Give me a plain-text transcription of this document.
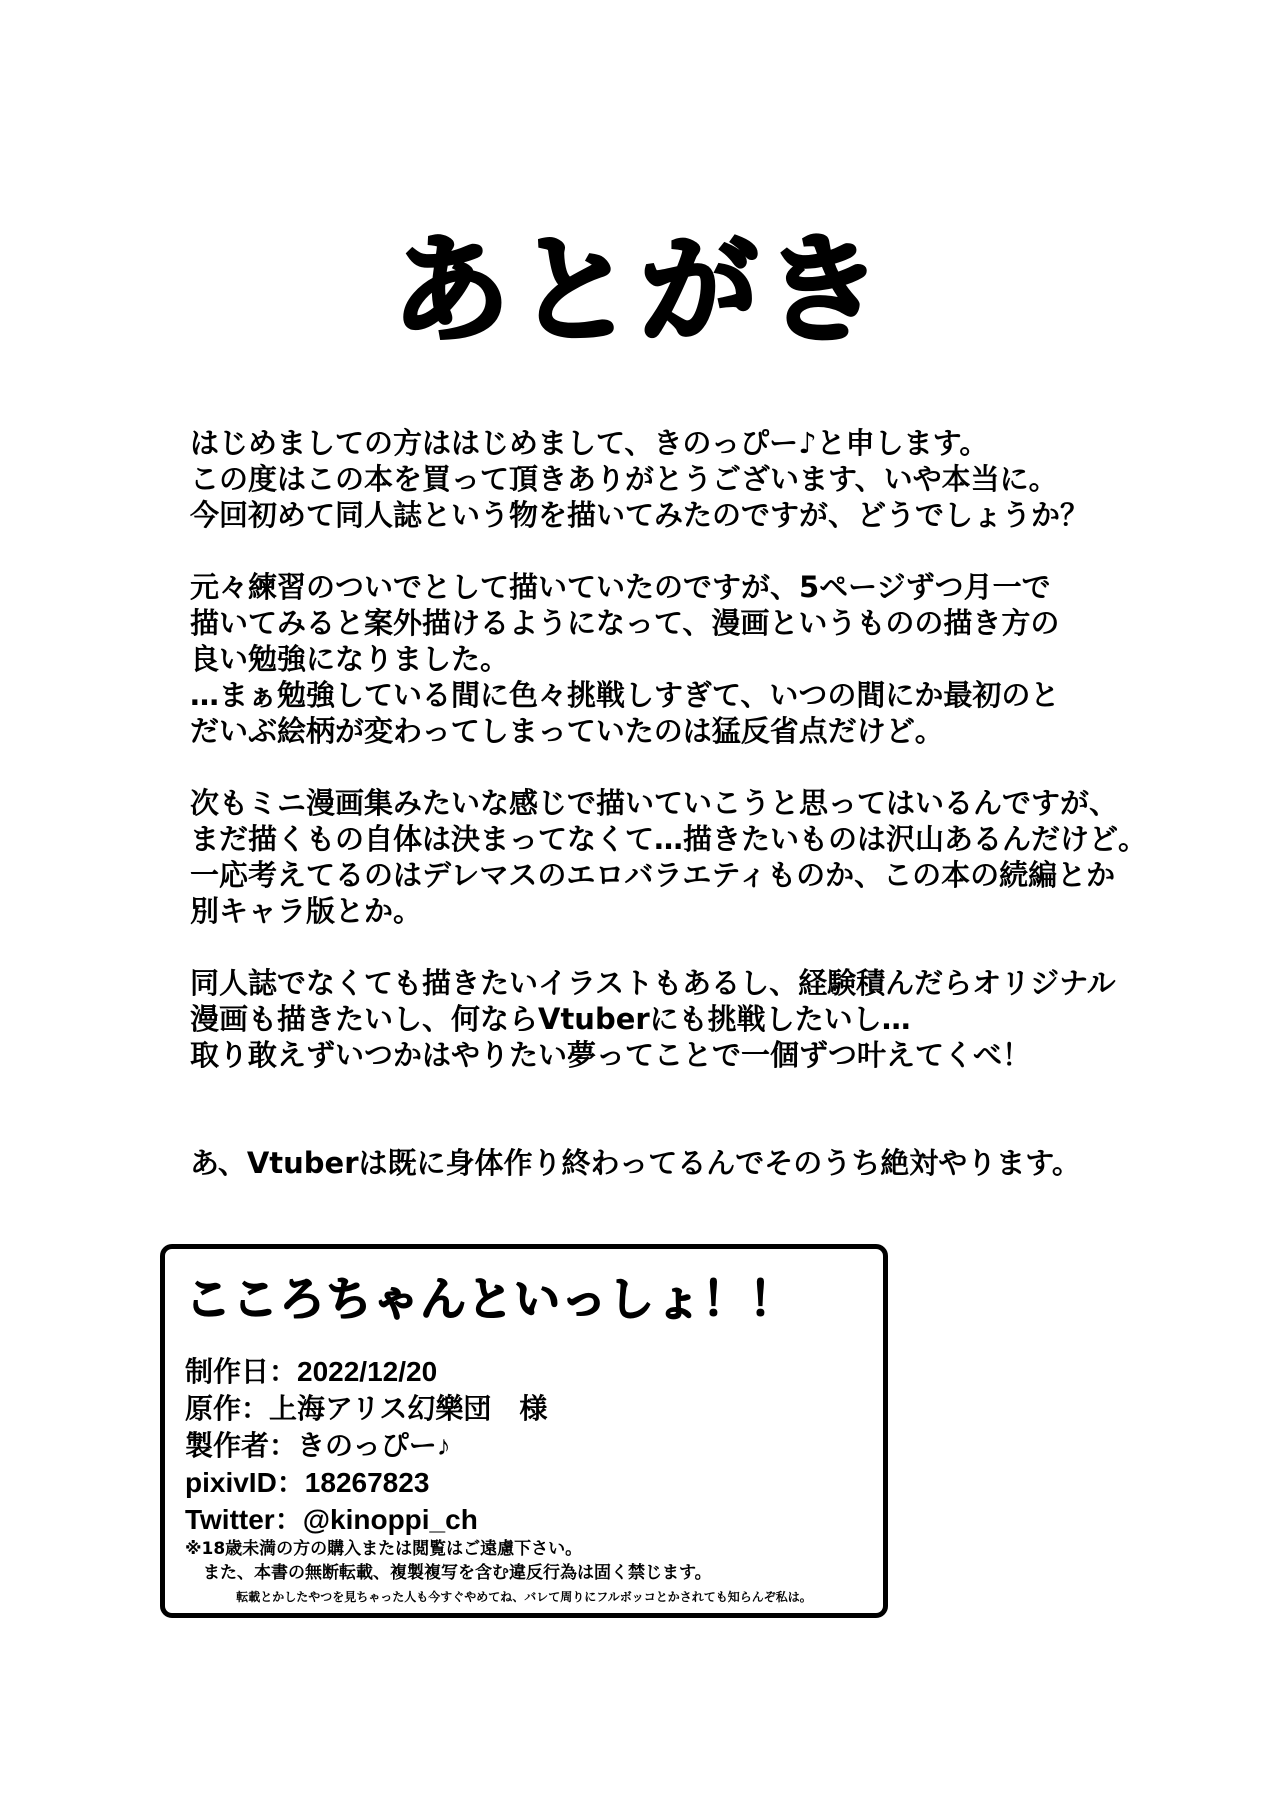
あとがき
はじめましての方ははじめまして、きのっぴー♪と申します。
この度はこの本を買って頂きありがとうございます、いや本当に。
今回初めて同人誌という物を描いてみたのですが、どうでしょうか？
元々練習のついでとして描いていたのですが、5ページずつ月一で
描いてみると案外描けるようになって、漫画というものの描き方の
良い勉強になりました。
…まぁ勉強している間に色々挑戦しすぎて、いつの間にか最初のと
だいぶ絵柄が変わってしまっていたのは猛反省点だけど。
次もミニ漫画集みたいな感じで描いていこうと思ってはいるんですが、
まだ描くもの自体は決まってなくて…描きたいものは沢山あるんだけど。
一応考えてるのはデレマスのエロバラエティものか、この本の続編とか
別キャラ版とか。
同人誌でなくても描きたいイラストもあるし、経験積んだらオリジナル
漫画も描きたいし、何ならVtuberにも挑戦したいし…
取り敢えずいつかはやりたい夢ってことで一個ずつ叶えてくべ！
あ、Vtuberは既に身体作り終わってるんでそのうち絶対やります。
こころちゃんといっしょ！！
制作日：2022/12/20
原作：上海アリス幻樂団　様
製作者：きのっぴー♪
pixivID：18267823
Twitter：@kinoppi_ch
※18歳未満の方の購入または閲覧はご遠慮下さい。
また、本書の無断転載、複製複写を含む違反行為は固く禁じます。
転載とかしたやつを見ちゃった人も今すぐやめてね、バレて周りにフルボッコとかされても知らんぞ私は。
